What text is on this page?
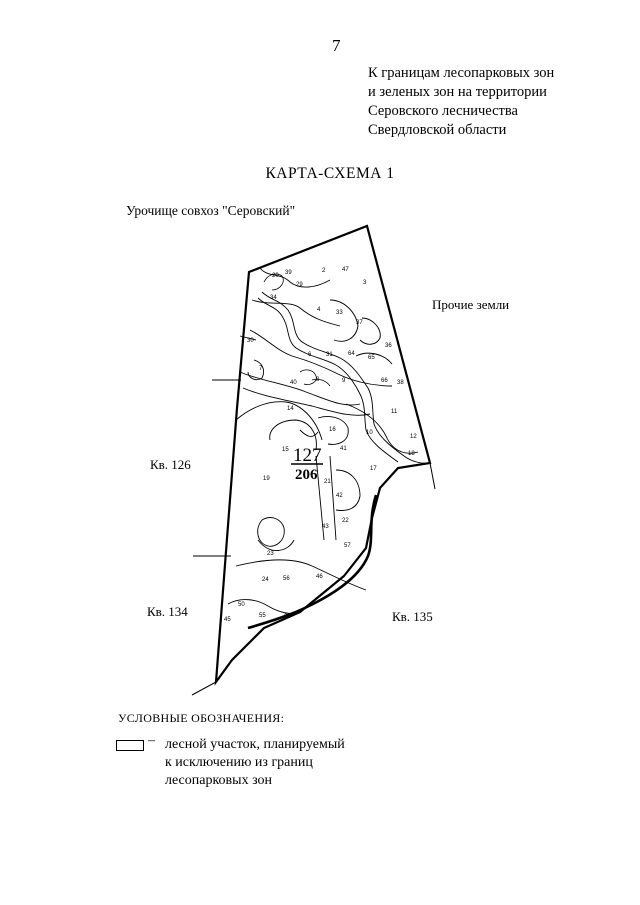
2
3
4
6
7
8	9
10
11
12
14
15
16
17
18
19
20
21
22
23
24
25
29
30
31
33
34
36
37
38
39
40
41
42
43
45
46
47
50
55
56
57
64
65
66
127
206
7
К границам лесопарковых зон
и зеленых зон на территории
Серовского лесничества
Свердловской области
КАРТА-СХЕМА 1
Урочище совхоз "Серовский"
Прочие земли
Кв. 126
Кв. 134	Кв. 135
УСЛОВНЫЕ ОБОЗНАЧЕНИЯ:
– лесной участок, планируемый
к исключению из границ
лесопарковых зон
